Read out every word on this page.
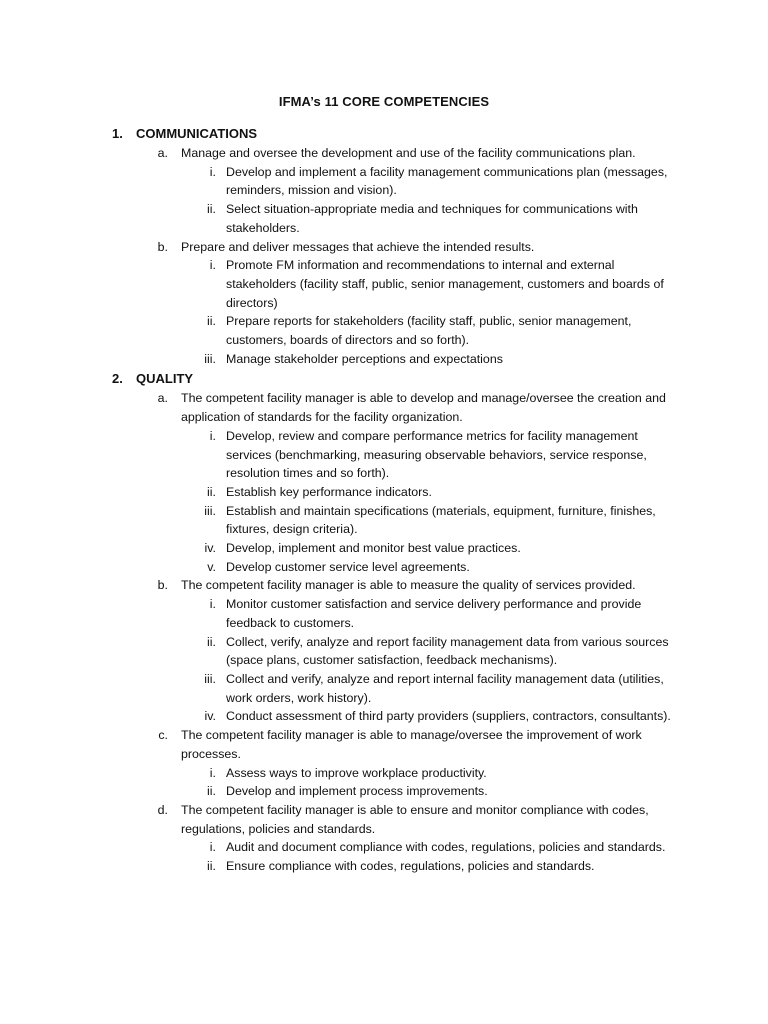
IFMA’s 11 CORE COMPETENCIES
1. COMMUNICATIONS
a. Manage and oversee the development and use of the facility communications plan.
i. Develop and implement a facility management communications plan (messages, reminders, mission and vision).
ii. Select situation-appropriate media and techniques for communications with stakeholders.
b. Prepare and deliver messages that achieve the intended results.
i. Promote FM information and recommendations to internal and external stakeholders (facility staff, public, senior management, customers and boards of directors)
ii. Prepare reports for stakeholders (facility staff, public, senior management, customers, boards of directors and so forth).
iii. Manage stakeholder perceptions and expectations
2. QUALITY
a. The competent facility manager is able to develop and manage/oversee the creation and application of standards for the facility organization.
i. Develop, review and compare performance metrics for facility management services (benchmarking, measuring observable behaviors, service response, resolution times and so forth).
ii. Establish key performance indicators.
iii. Establish and maintain specifications (materials, equipment, furniture, finishes, fixtures, design criteria).
iv. Develop, implement and monitor best value practices.
v. Develop customer service level agreements.
b. The competent facility manager is able to measure the quality of services provided.
i. Monitor customer satisfaction and service delivery performance and provide feedback to customers.
ii. Collect, verify, analyze and report facility management data from various sources (space plans, customer satisfaction, feedback mechanisms).
iii. Collect and verify, analyze and report internal facility management data (utilities, work orders, work history).
iv. Conduct assessment of third party providers (suppliers, contractors, consultants).
c. The competent facility manager is able to manage/oversee the improvement of work processes.
i. Assess ways to improve workplace productivity.
ii. Develop and implement process improvements.
d. The competent facility manager is able to ensure and monitor compliance with codes, regulations, policies and standards.
i. Audit and document compliance with codes, regulations, policies and standards.
ii. Ensure compliance with codes, regulations, policies and standards.
